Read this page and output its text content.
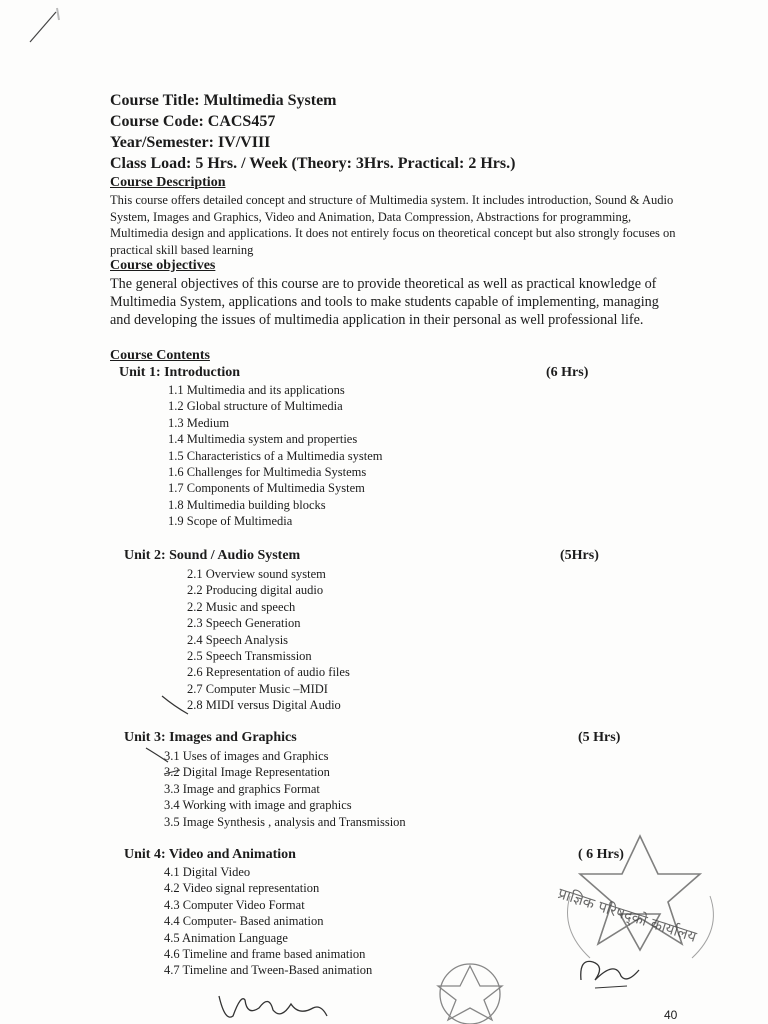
Course Title: Multimedia System
Course Code: CACS457
Year/Semester: IV/VIII
Class Load: 5 Hrs. / Week (Theory: 3Hrs. Practical: 2 Hrs.)
Course Description
This course offers detailed concept and structure of Multimedia system. It includes introduction, Sound & Audio System, Images and Graphics, Video and Animation, Data Compression, Abstractions for programming, Multimedia design and applications. It does not entirely focus on theoretical concept but also strongly focuses on practical skill based learning
Course objectives
The general objectives of this course are to provide theoretical as well as practical knowledge of Multimedia System, applications and tools to make students capable of implementing, managing and developing the issues of multimedia application in their personal as well professional life.
Course Contents
Unit 1: Introduction	(6 Hrs)
1.1 Multimedia and its applications
1.2 Global structure of Multimedia
1.3 Medium
1.4 Multimedia system and properties
1.5 Characteristics of a Multimedia system
1.6 Challenges for Multimedia Systems
1.7 Components of Multimedia System
1.8 Multimedia building blocks
1.9 Scope of Multimedia
Unit 2: Sound / Audio System	(5Hrs)
2.1 Overview sound system
2.2 Producing digital audio
2.2 Music and speech
2.3 Speech Generation
2.4 Speech Analysis
2.5 Speech Transmission
2.6 Representation of audio files
2.7 Computer Music –MIDI
2.8 MIDI versus Digital Audio
Unit 3: Images and Graphics	(5 Hrs)
3.1 Uses of images and Graphics
3.2 Digital Image Representation
3.3 Image and graphics Format
3.4 Working with image and graphics
3.5 Image Synthesis , analysis and Transmission
Unit 4: Video and Animation	( 6 Hrs)
4.1 Digital Video
4.2 Video signal representation
4.3 Computer Video Format
4.4 Computer- Based animation
4.5 Animation Language
4.6 Timeline and frame based animation
4.7 Timeline and Tween-Based animation
प्राज्ञिक परिषद्को कार्यालय
40
